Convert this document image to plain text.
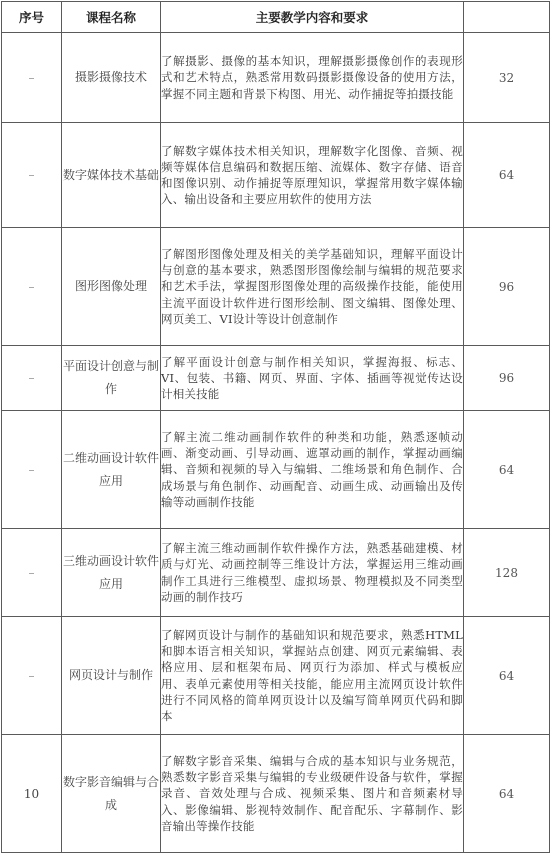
序号	课程名称	主要教学内容和要求	
	摄影摄像技术	了解摄影、摄像的基本知识，理解摄影摄像创作的表现形式和艺术特点，熟悉常用数码摄影摄像设备的使用方法，掌握不同主题和背景下构图、用光、动作捕捉等拍摄技能	32
	数字媒体技术基础	了解数字媒体技术相关知识，理解数字化图像、音频、视频等媒体信息编码和数据压缩、流媒体、数字存储、语音和图像识别、动作捕捉等原理知识，掌握常用数字媒体输入、输出设备和主要应用软件的使用方法	64
	图形图像处理	了解图形图像处理及相关的美学基础知识，理解平面设计与创意的基本要求，熟悉图形图像绘制与编辑的规范要求和艺术手法，掌握图形图像处理的高级操作技能，能使用主流平面设计软件进行图形绘制、图文编辑、图像处理、网页美工、VI设计等设计创意制作	96
	平面设计创意与制作	了解平面设计创意与制作相关知识，掌握海报、标志、VI、包装、书籍、网页、界面、字体、插画等视觉传达设计相关技能	96
	二维动画设计软件应用	了解主流二维动画制作软件的种类和功能，熟悉逐帧动画、渐变动画、引导动画、遮罩动画的制作，掌握动画编辑、音频和视频的导入与编辑、二维场景和角色制作、合成场景与角色制作、动画配音、动画生成、动画输出及传输等动画制作技能	64
	三维动画设计软件应用	了解主流三维动画制作软件操作方法，熟悉基础建模、材质与灯光、动画控制等三维设计方法，掌握运用三维动画制作工具进行三维模型、虚拟场景、物理模拟及不同类型动画的制作技巧	128
	网页设计与制作	了解网页设计与制作的基础知识和规范要求，熟悉HTML和脚本语言相关知识，掌握站点创建、网页元素编辑、表格应用、层和框架布局、网页行为添加、样式与模板应用、表单元素使用等相关技能，能应用主流网页设计软件进行不同风格的简单网页设计以及编写简单网页代码和脚本	64
10	数字影音编辑与合成	了解数字影音采集、编辑与合成的基本知识与业务规范，熟悉数字影音采集与编辑的专业级硬件设备与软件，掌握录音、音效处理与合成、视频采集、图片和音频素材导入、影像编辑、影视特效制作、配音配乐、字幕制作、影音输出等操作技能	64
